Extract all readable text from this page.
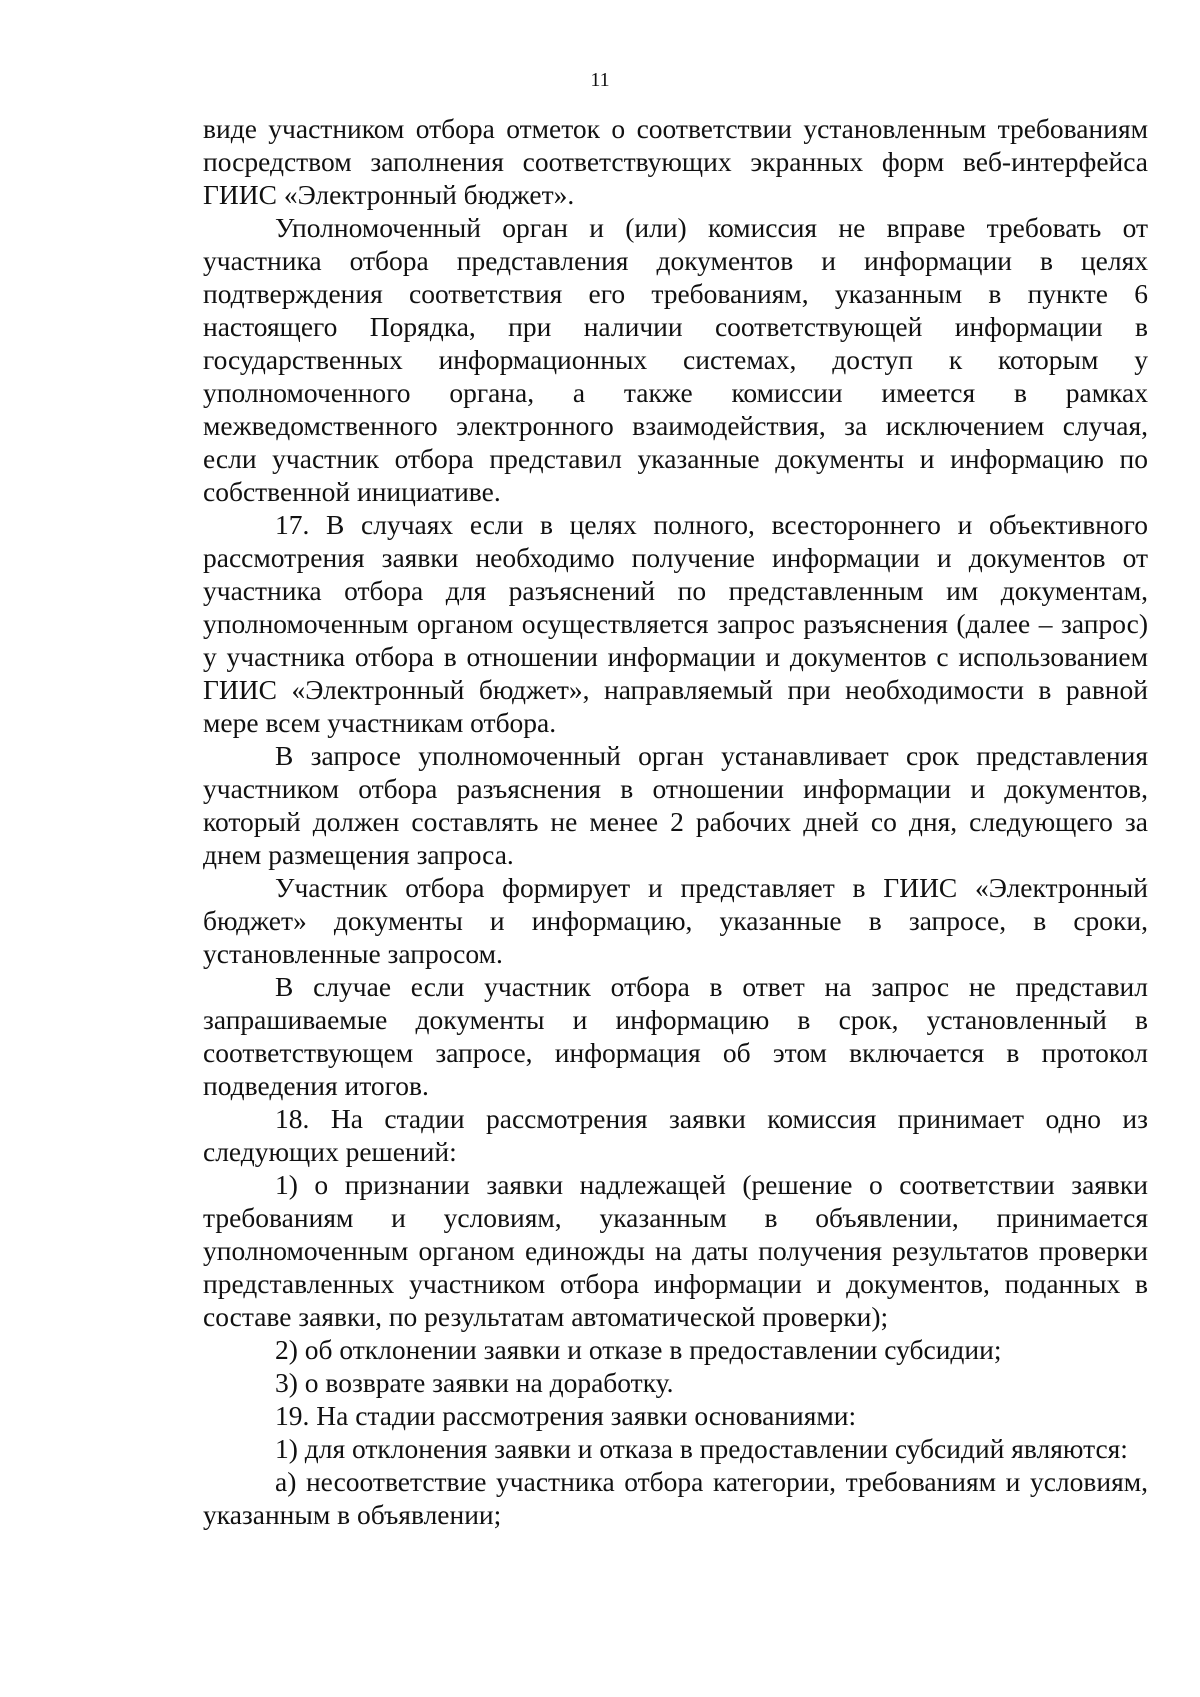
11

виде участником отбора отметок о соответствии установленным требованиям посредством заполнения соответствующих экранных форм веб-интерфейса ГИИС «Электронный бюджет».

Уполномоченный орган и (или) комиссия не вправе требовать от участника отбора представления документов и информации в целях подтверждения соответствия его требованиям, указанным в пункте 6 настоящего Порядка, при наличии соответствующей информации в государственных информационных системах, доступ к которым у уполномоченного органа, а также комиссии имеется в рамках межведомственного электронного взаимодействия, за исключением случая, если участник отбора представил указанные документы и информацию по собственной инициативе.

17. В случаях если в целях полного, всестороннего и объективного рассмотрения заявки необходимо получение информации и документов от участника отбора для разъяснений по представленным им документам, уполномоченным органом осуществляется запрос разъяснения (далее – запрос) у участника отбора в отношении информации и документов с использованием ГИИС «Электронный бюджет», направляемый при необходимости в равной мере всем участникам отбора.

В запросе уполномоченный орган устанавливает срок представления участником отбора разъяснения в отношении информации и документов, который должен составлять не менее 2 рабочих дней со дня, следующего за днем размещения запроса.

Участник отбора формирует и представляет в ГИИС «Электронный бюджет» документы и информацию, указанные в запросе, в сроки, установленные запросом.

В случае если участник отбора в ответ на запрос не представил запрашиваемые документы и информацию в срок, установленный в соответствующем запросе, информация об этом включается в протокол подведения итогов.

18. На стадии рассмотрения заявки комиссия принимает одно из следующих решений:

1) о признании заявки надлежащей (решение о соответствии заявки требованиям и условиям, указанным в объявлении, принимается уполномоченным органом единожды на даты получения результатов проверки представленных участником отбора информации и документов, поданных в составе заявки, по результатам автоматической проверки);

2) об отклонении заявки и отказе в предоставлении субсидии;

3) о возврате заявки на доработку.

19. На стадии рассмотрения заявки основаниями:

1) для отклонения заявки и отказа в предоставлении субсидий являются:

а) несоответствие участника отбора категории, требованиям и условиям, указанным в объявлении;
